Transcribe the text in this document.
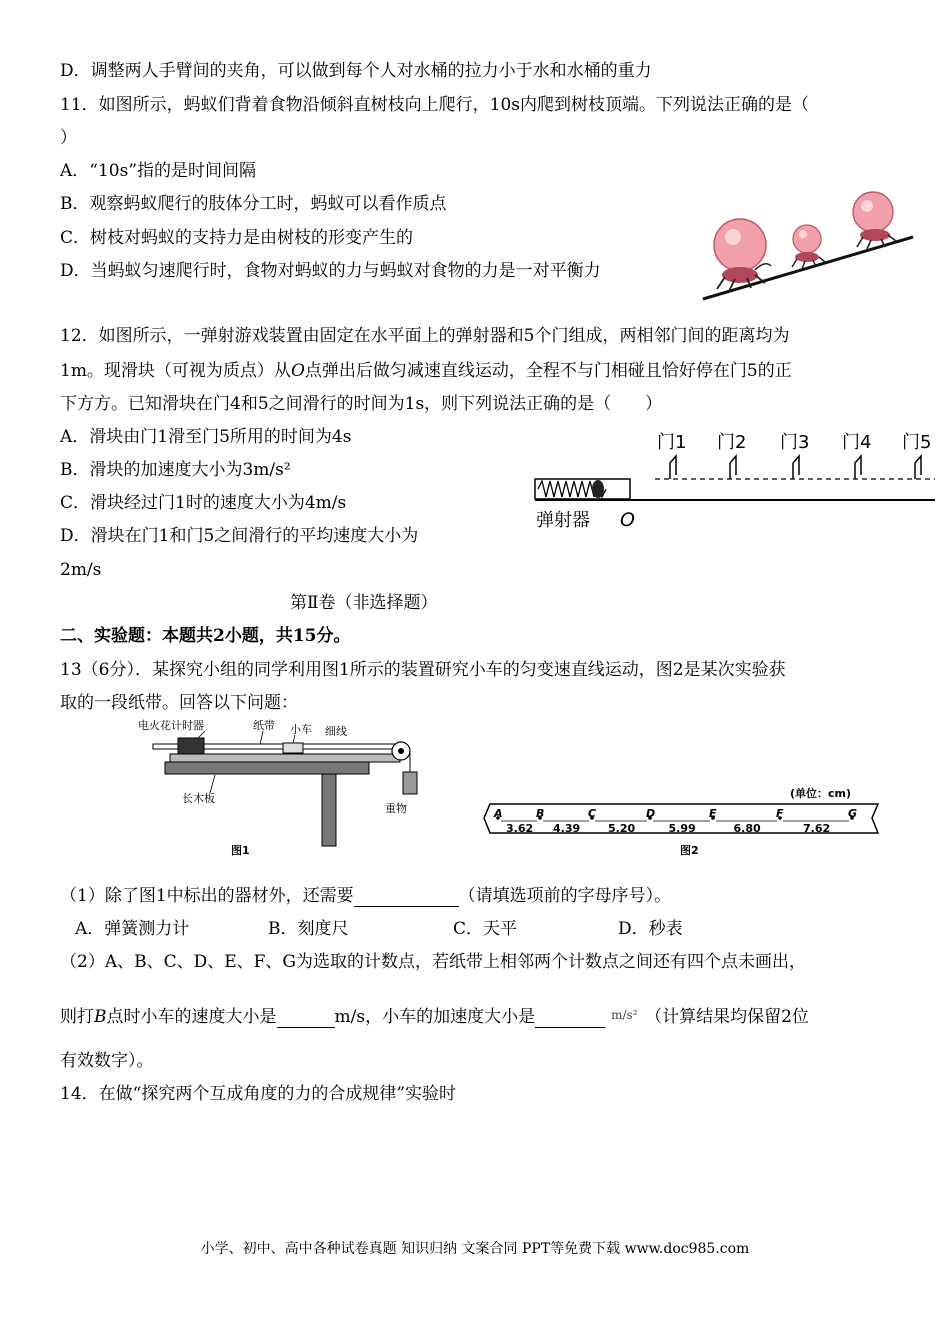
D．调整两人手臂间的夹角，可以做到每个人对水桶的拉力小于水和水桶的重力
11．如图所示，蚂蚁们背着食物沿倾斜直树枝向上爬行，10s内爬到树枝顶端。下列说法正确的是（
）
A．“10s”指的是时间间隔
B．观察蚂蚁爬行的肢体分工时，蚂蚁可以看作质点
C．树枝对蚂蚁的支持力是由树枝的形变产生的
D．当蚂蚁匀速爬行时，食物对蚂蚁的力与蚂蚁对食物的力是一对平衡力
12．如图所示，一弹射游戏装置由固定在水平面上的弹射器和5个门组成，两相邻门间的距离均为
1m。现滑块（可视为质点）从O点弹出后做匀减速直线运动，全程不与门相碰且恰好停在门5的正
下方方。已知滑块在门4和5之间滑行的时间为1s，则下列说法正确的是（　　）
A．滑块由门1滑至门5所用的时间为4s
B．滑块的加速度大小为3m/s²
C．滑块经过门1时的速度大小为4m/s
D．滑块在门1和门5之间滑行的平均速度大小为
2m/s
门1 门2 门3 门4 门5
弹射器 O
第Ⅱ卷（非选择题）
二、实验题：本题共2小题，共15分。
13（6分）．某探究小组的同学利用图1所示的装置研究小车的匀变速直线运动，图2是某次实验获
取的一段纸带。回答以下问题：
电火花计时器	纸带 小车 细线
重物
长木板
图1
(单位：cm)
A	B	C	D	E	F	G
3.62 4.39	5.20	5.99	6.80	7.62
图2
（1）除了图1中标出的器材外，还需要	（请填选项前的字母序号）。
A．弹簧测力计	B．刻度尺	C．天平	D．秒表
（2）A、B、C、D、E、F、G为选取的计数点，若纸带上相邻两个计数点之间还有四个点未画出，
则打B点时小车的速度大小是	m/s，小车的加速度大小是	m/s² （计算结果均保留2位
有效数字）。
14．在做“探究两个互成角度的力的合成规律”实验时
小学、初中、高中各种试卷真题 知识归纳 文案合同 PPT等免费下载 www.doc985.com
